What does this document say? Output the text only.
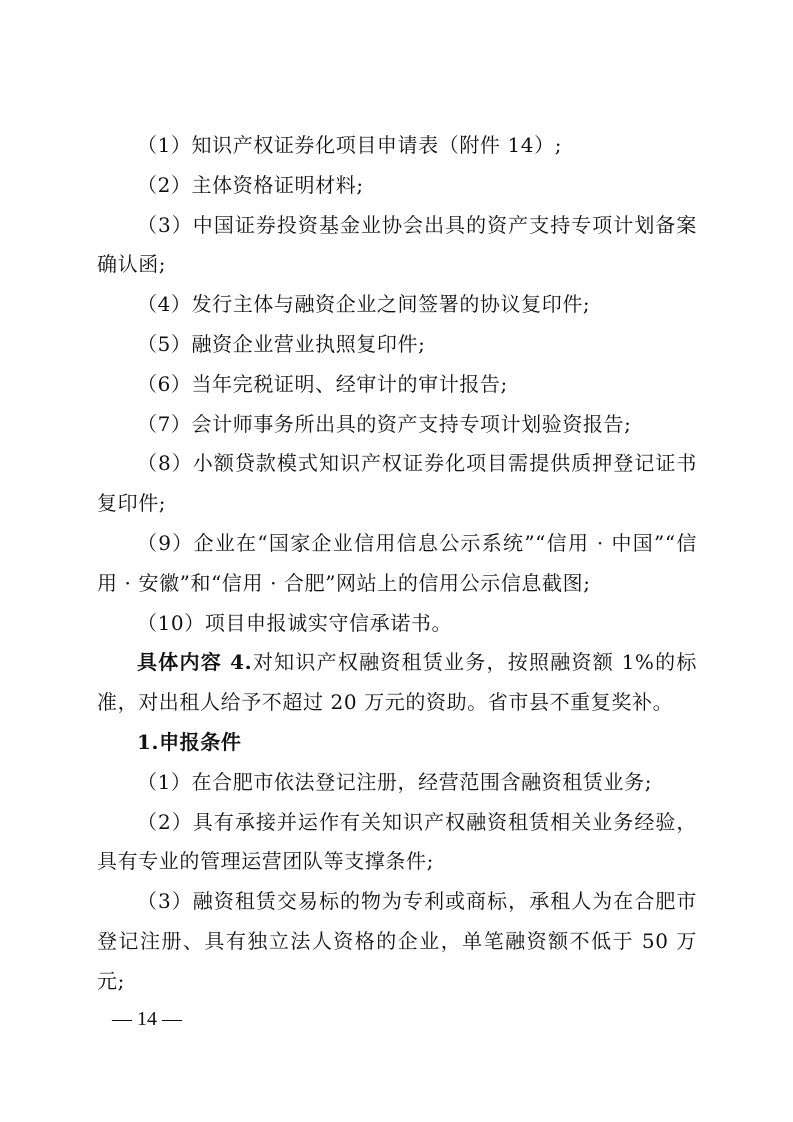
（1）知识产权证券化项目申请表（附件 14）;

（2）主体资格证明材料;

（3）中国证券投资基金业协会出具的资产支持专项计划备案确认函;

（4）发行主体与融资企业之间签署的协议复印件;

（5）融资企业营业执照复印件;

（6）当年完税证明、经审计的审计报告;

（7）会计师事务所出具的资产支持专项计划验资报告;

（8）小额贷款模式知识产权证券化项目需提供质押登记证书复印件;

（9）企业在“国家企业信用信息公示系统”“信用 · 中国”“信用 · 安徽”和“信用 · 合肥”网站上的信用公示信息截图;

（10）项目申报诚实守信承诺书。

具体内容 4.对知识产权融资租赁业务，按照融资额 1%的标准，对出租人给予不超过 20 万元的资助。省市县不重复奖补。

1.申报条件

（1）在合肥市依法登记注册，经营范围含融资租赁业务;

（2）具有承接并运作有关知识产权融资租赁相关业务经验，具有专业的管理运营团队等支撑条件;

（3）融资租赁交易标的物为专利或商标，承租人为在合肥市登记注册、具有独立法人资格的企业，单笔融资额不低于 50 万元;

— 14 —
